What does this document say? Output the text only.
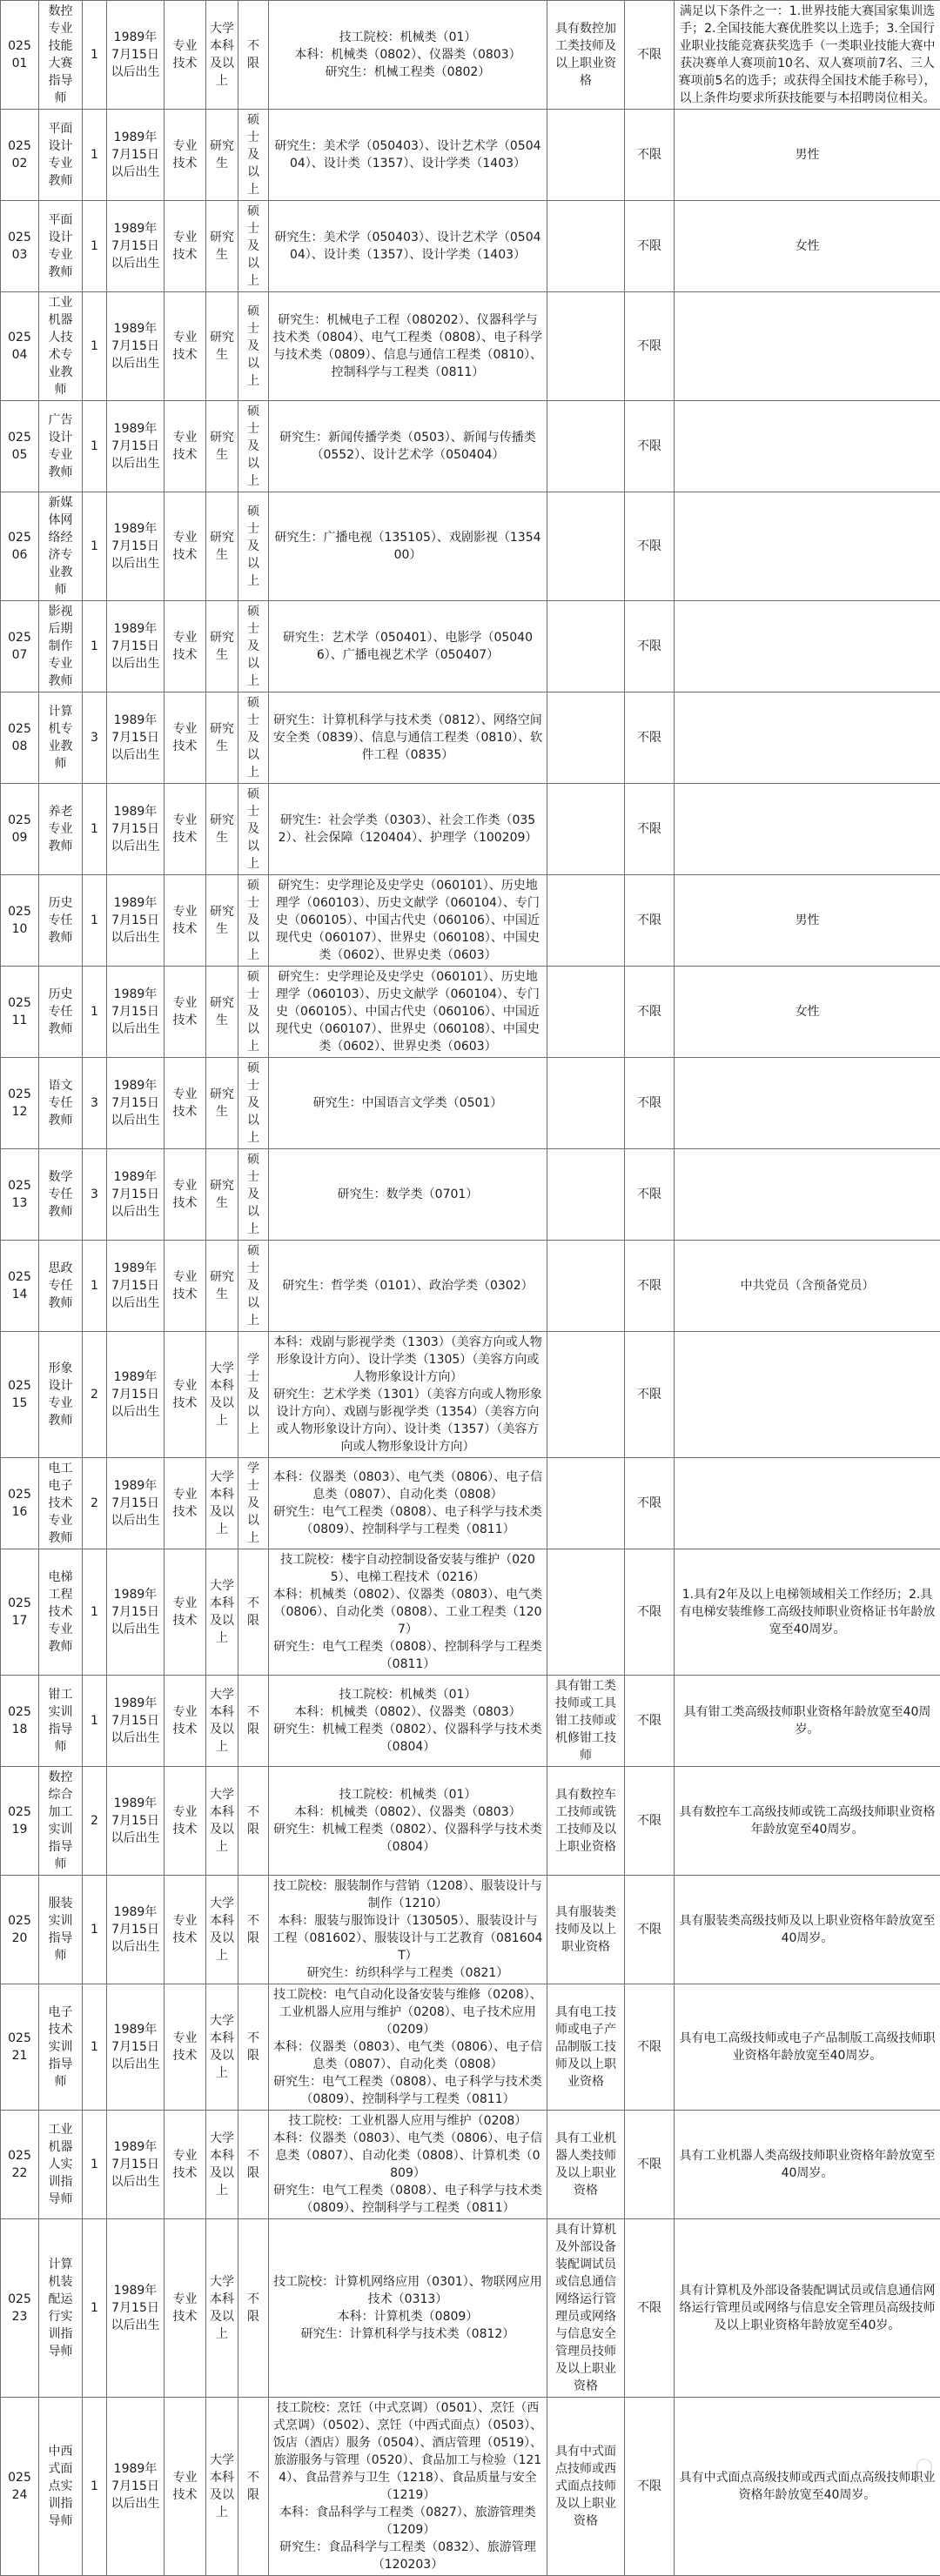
02501	数控专业技能大赛指导师	1	1989年7月15日以后出生	专业技术	大学本科及以上	不限	技工院校：机械类（01）
本科：机械类（0802）、仪器类（0803）
研究生：机械工程类（0802）	具有数控加工类技师及以上职业资格	不限	满足以下条件之一：1.世界技能大赛国家集训选手；2.全国技能大赛优胜奖以上选手；3.全国行业职业技能竞赛获奖选手（一类职业技能大赛中获决赛单人赛项前10名、双人赛项前7名、三人赛项前5名的选手；或获得全国技术能手称号），以上条件均要求所获技能要与本招聘岗位相关。
02502	平面设计专业教师	1	1989年7月15日以后出生	专业技术	研究生	硕士及以上	研究生：美术学（050403）、设计艺术学（050404）、设计类（1357）、设计学类（1403）		不限	男性
02503	平面设计专业教师	1	1989年7月15日以后出生	专业技术	研究生	硕士及以上	研究生：美术学（050403）、设计艺术学（050404）、设计类（1357）、设计学类（1403）		不限	女性
02504	工业机器人技术专业教师	1	1989年7月15日以后出生	专业技术	研究生	硕士及以上	研究生：机械电子工程（080202）、仪器科学与技术类（0804）、电气工程类（0808）、电子科学与技术类（0809）、信息与通信工程类（0810）、控制科学与工程类（0811）		不限	
02505	广告设计专业教师	1	1989年7月15日以后出生	专业技术	研究生	硕士及以上	研究生：新闻传播学类（0503）、新闻与传播类（0552）、设计艺术学（050404）		不限	
02506	新媒体网络经济专业教师	1	1989年7月15日以后出生	专业技术	研究生	硕士及以上	研究生：广播电视（135105）、戏剧影视（135400）		不限	
02507	影视后期制作专业教师	1	1989年7月15日以后出生	专业技术	研究生	硕士及以上	研究生：艺术学（050401）、电影学（050406）、广播电视艺术学（050407）		不限	
02508	计算机专业教师	3	1989年7月15日以后出生	专业技术	研究生	硕士及以上	研究生：计算机科学与技术类（0812）、网络空间安全类（0839）、信息与通信工程类（0810）、软件工程（0835）		不限	
02509	养老专业教师	1	1989年7月15日以后出生	专业技术	研究生	硕士及以上	研究生：社会学类（0303）、社会工作类（0352）、社会保障（120404）、护理学（100209）		不限	
02510	历史专任教师	1	1989年7月15日以后出生	专业技术	研究生	硕士及以上	研究生：史学理论及史学史（060101）、历史地理学（060103）、历史文献学（060104）、专门史（060105）、中国古代史（060106）、中国近现代史（060107）、世界史（060108）、中国史类（0602）、世界史类（0603）		不限	男性
02511	历史专任教师	1	1989年7月15日以后出生	专业技术	研究生	硕士及以上	研究生：史学理论及史学史（060101）、历史地理学（060103）、历史文献学（060104）、专门史（060105）、中国古代史（060106）、中国近现代史（060107）、世界史（060108）、中国史类（0602）、世界史类（0603）		不限	女性
02512	语文专任教师	3	1989年7月15日以后出生	专业技术	研究生	硕士及以上	研究生：中国语言文学类（0501）		不限	
02513	数学专任教师	3	1989年7月15日以后出生	专业技术	研究生	硕士及以上	研究生：数学类（0701）		不限	
02514	思政专任教师	1	1989年7月15日以后出生	专业技术	研究生	硕士及以上	研究生：哲学类（0101）、政治学类（0302）		不限	中共党员（含预备党员）
02515	形象设计专业教师	2	1989年7月15日以后出生	专业技术	大学本科及以上	学士及以上	本科：戏剧与影视学类（1303）（美容方向或人物形象设计方向）、设计学类（1305）（美容方向或人物形象设计方向）
研究生：艺术学类（1301）（美容方向或人物形象设计方向）、戏剧与影视学类（1354）（美容方向或人物形象设计方向）、设计类（1357）（美容方向或人物形象设计方向）		不限	
02516	电工电子技术专业教师	2	1989年7月15日以后出生	专业技术	大学本科及以上	学士及以上	本科：仪器类（0803）、电气类（0806）、电子信息类（0807）、自动化类（0808）
研究生：电气工程类（0808）、电子科学与技术类（0809）、控制科学与工程类（0811）		不限	
02517	电梯工程技术专业教师	1	1989年7月15日以后出生	专业技术	大学本科及以上	不限	技工院校：楼宇自动控制设备安装与维护（0205）、电梯工程技术（0216）
本科：机械类（0802）、仪器类（0803）、电气类（0806）、自动化类（0808）、工业工程类（1207）
研究生：电气工程类（0808）、控制科学与工程类（0811）		不限	1.具有2年及以上电梯领域相关工作经历；2.具有电梯安装维修工高级技师职业资格证书年龄放宽至40周岁。
02518	钳工实训指导师	1	1989年7月15日以后出生	专业技术	大学本科及以上	不限	技工院校：机械类（01）
本科：机械类（0802）、仪器类（0803）
研究生：机械工程类（0802）、仪器科学与技术类（0804）	具有钳工类技师或工具钳工技师或机修钳工技师	不限	具有钳工类高级技师职业资格年龄放宽至40周岁。
02519	数控综合加工实训指导师	2	1989年7月15日以后出生	专业技术	大学本科及以上	不限	技工院校：机械类（01）
本科：机械类（0802）、仪器类（0803）
研究生：机械工程类（0802）、仪器科学与技术类（0804）	具有数控车工技师或铣工技师及以上职业资格	不限	具有数控车工高级技师或铣工高级技师职业资格年龄放宽至40周岁。
02520	服装实训指导师	1	1989年7月15日以后出生	专业技术	大学本科及以上	不限	技工院校：服装制作与营销（1208）、服装设计与制作（1210）
本科：服装与服饰设计（130505）、服装设计与工程（081602）、服装设计与工艺教育（081604T）
研究生：纺织科学与工程类（0821）	具有服装类技师及以上职业资格	不限	具有服装类高级技师及以上职业资格年龄放宽至40周岁。
02521	电子技术实训指导师	1	1989年7月15日以后出生	专业技术	大学本科及以上	不限	技工院校：电气自动化设备安装与维修（0208）、工业机器人应用与维护（0208）、电子技术应用（0209）
本科：仪器类（0803）、电气类（0806）、电子信息类（0807）、自动化类（0808）
研究生：电气工程类（0808）、电子科学与技术类（0809）、控制科学与工程类（0811）	具有电工技师或电子产品制版工技师及以上职业资格	不限	具有电工高级技师或电子产品制版工高级技师职业资格年龄放宽至40周岁。
02522	工业机器人实训指导师	1	1989年7月15日以后出生	专业技术	大学本科及以上	不限	技工院校：工业机器人应用与维护（0208）
本科：仪器类（0803）、电气类（0806）、电子信息类（0807）、自动化类（0808）、计算机类（0809）
研究生：电气工程类（0808）、电子科学与技术类（0809）、控制科学与工程类（0811）	具有工业机器人类技师及以上职业资格	不限	具有工业机器人类高级技师职业资格年龄放宽至40周岁。
02523	计算机装配运行实训指导师	1	1989年7月15日以后出生	专业技术	大学本科及以上	不限	技工院校：计算机网络应用（0301）、物联网应用技术（0313）
本科：计算机类（0809）
研究生：计算机科学与技术类（0812）	具有计算机及外部设备装配调试员或信息通信网络运行管理员或网络与信息安全管理员技师及以上职业资格	不限	具有计算机及外部设备装配调试员或信息通信网络运行管理员或网络与信息安全管理员高级技师及以上职业资格年龄放宽至40岁。
02524	中西式面点实训指导师	1	1989年7月15日以后出生	专业技术	大学本科及以上	不限	技工院校：烹饪（中式烹调）（0501）、烹饪（西式烹调）（0502）、烹饪（中西式面点）（0503）、饭店（酒店）服务（0504）、酒店管理（0519）、旅游服务与管理（0520）、食品加工与检验（1214）、食品营养与卫生（1218）、食品质量与安全（1219）
本科：食品科学与工程类（0827）、旅游管理类（1209）
研究生：食品科学与工程类（0832）、旅游管理（120203）	具有中式面点技师或西式面点技师及以上职业资格	不限	具有中式面点高级技师或西式面点高级技师职业资格年龄放宽至40周岁。
◯
